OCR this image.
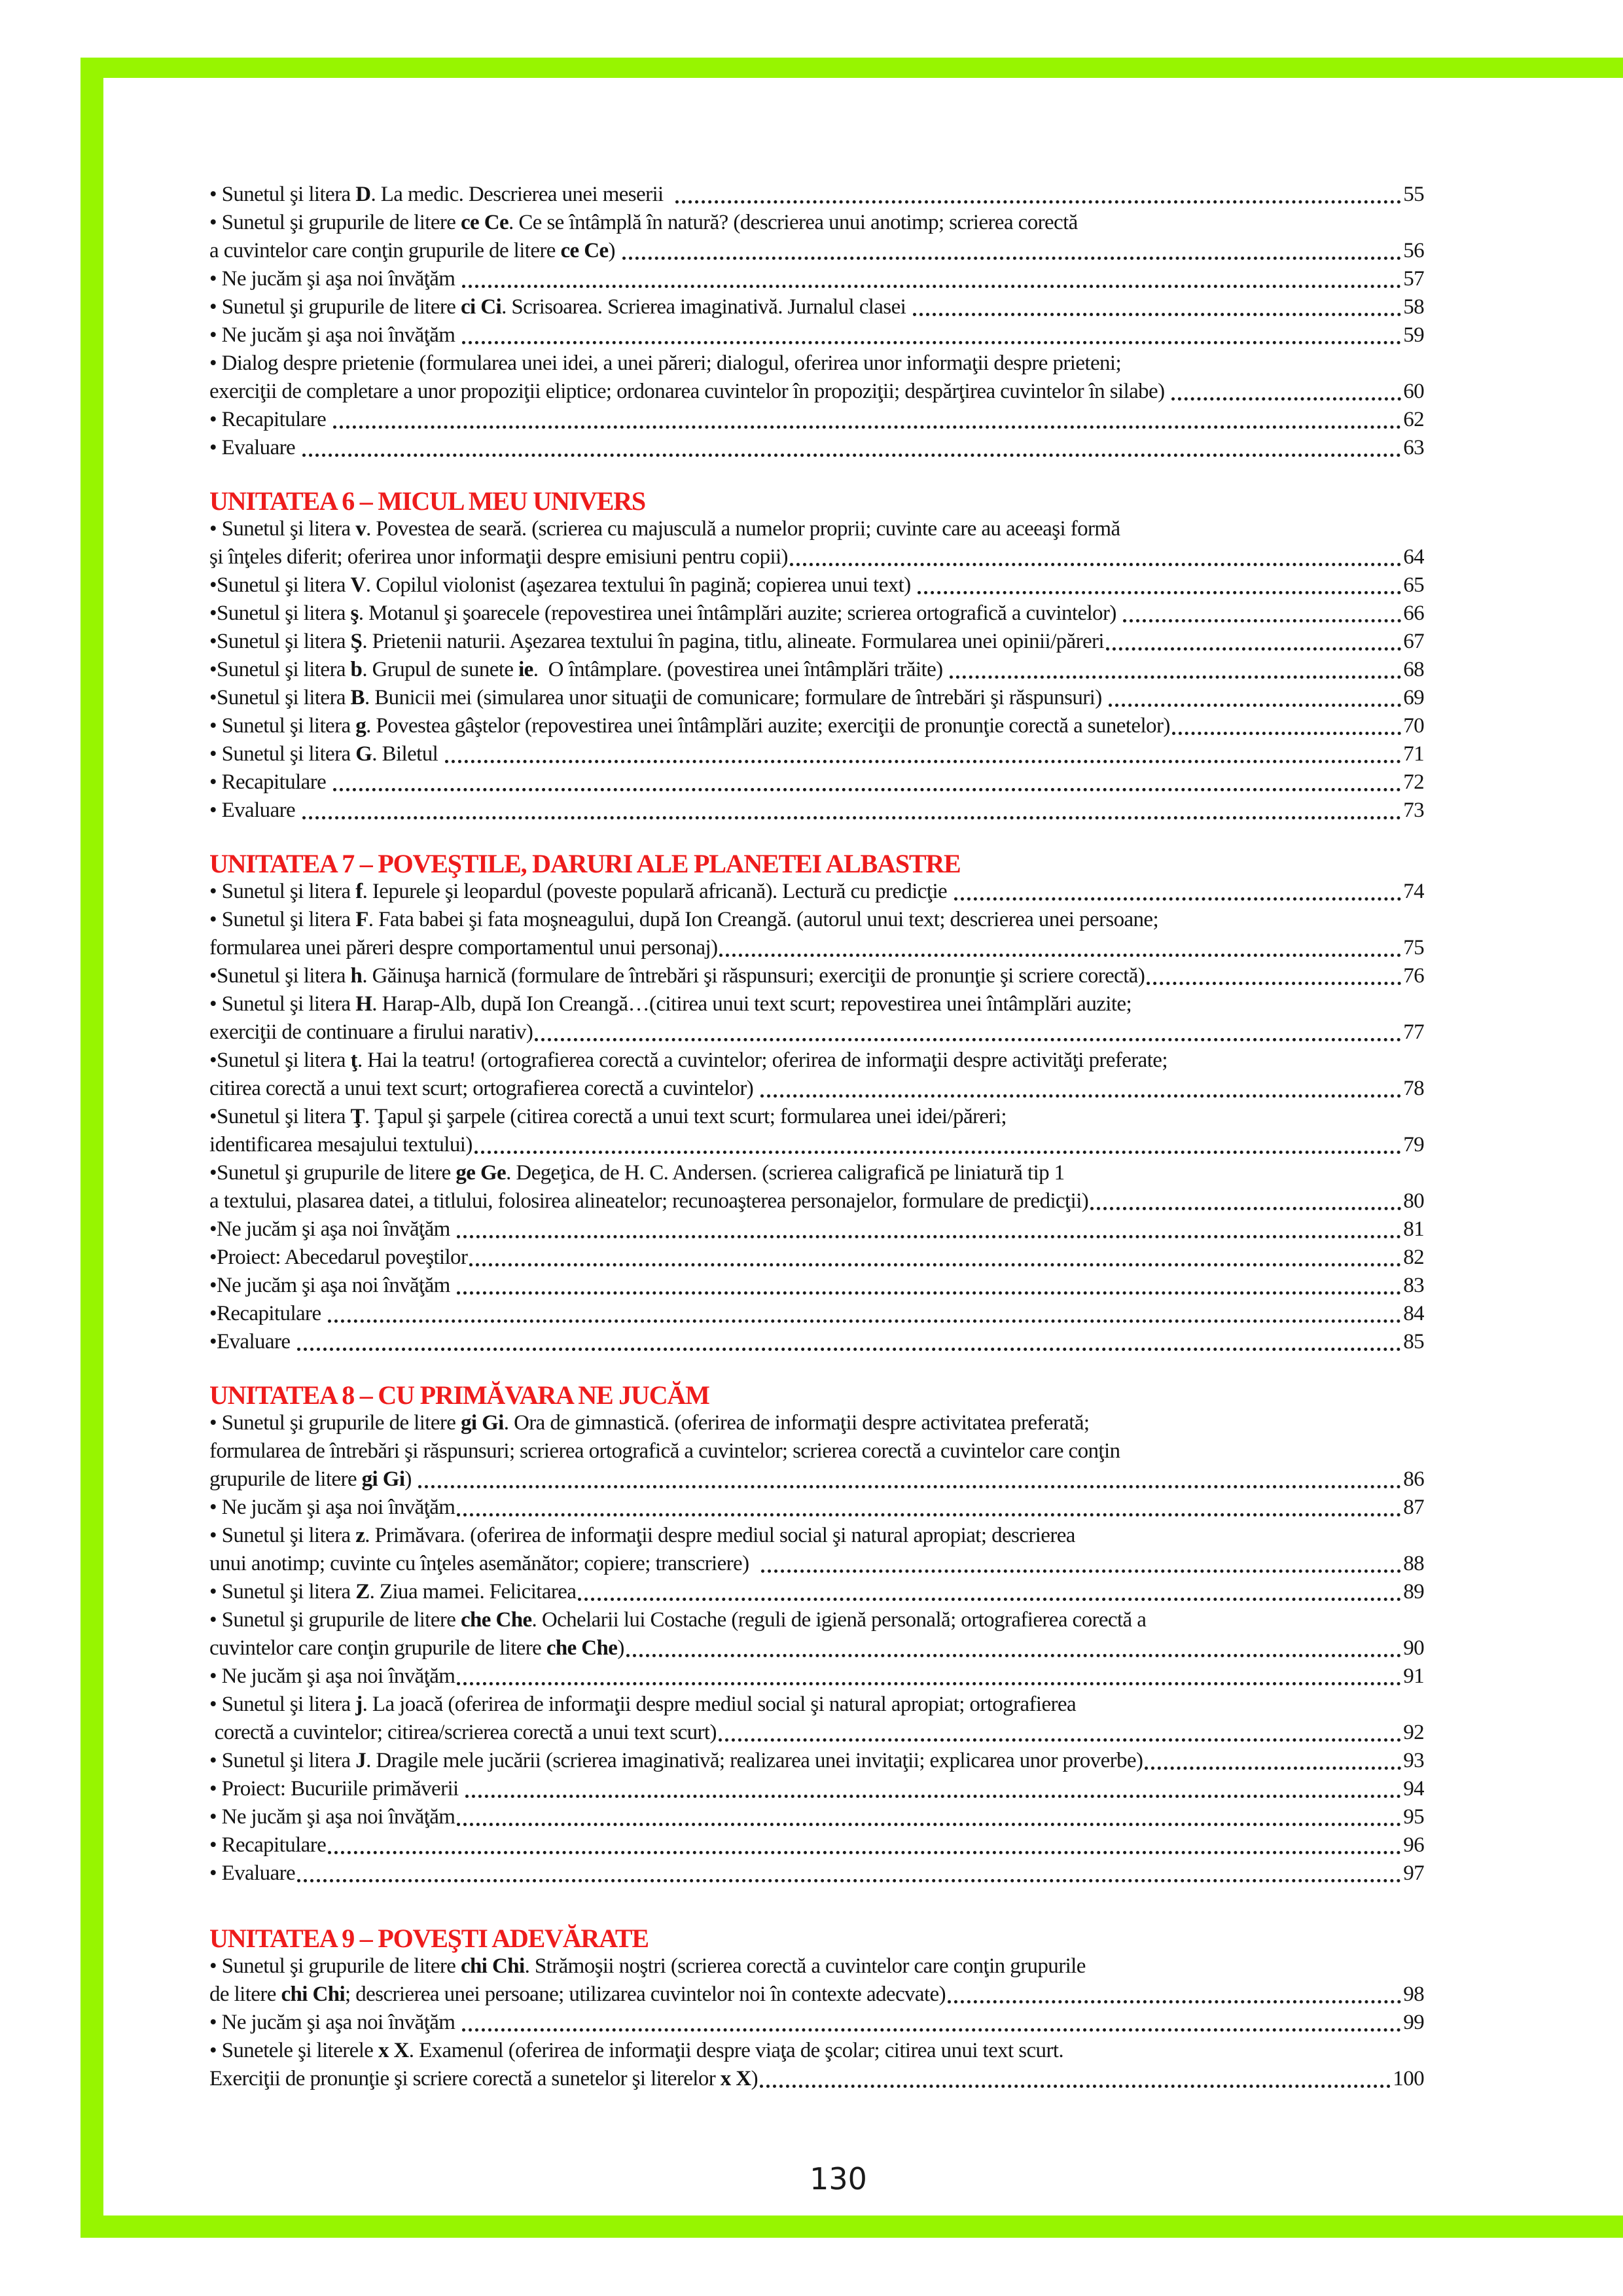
• Sunetul şi litera D. La medic. Descrierea unei meserii	55
• Sunetul şi grupurile de litere ce Ce. Ce se întâmplă în natură? (descrierea unui anotimp; scrierea corectă
a cuvintelor care conţin grupurile de litere ce Ce)	56
• Ne jucăm şi aşa noi învăţăm	57
• Sunetul şi grupurile de litere ci Ci. Scrisoarea. Scrierea imaginativă. Jurnalul clasei	58
• Ne jucăm şi aşa noi învăţăm	59
• Dialog despre prietenie (formularea unei idei, a unei păreri; dialogul, oferirea unor informaţii despre prieteni;
exerciţii de completare a unor propoziţii eliptice; ordonarea cuvintelor în propoziţii; despărţirea cuvintelor în silabe)	60
• Recapitulare	62
• Evaluare	63
UNITATEA 6 – MICUL MEU UNIVERS
• Sunetul şi litera v. Povestea de seară. (scrierea cu majusculă a numelor proprii; cuvinte care au aceeaşi formă
şi înţeles diferit; oferirea unor informaţii despre emisiuni pentru copii)	64
•Sunetul şi litera V. Copilul violonist (aşezarea textului în pagină; copierea unui text)	65
•Sunetul şi litera ş. Motanul şi şoarecele (repovestirea unei întâmplări auzite; scrierea ortografică a cuvintelor)	66
•Sunetul şi litera Ş. Prietenii naturii. Aşezarea textului în pagina, titlu, alineate. Formularea unei opinii/păreri	67
•Sunetul şi litera b. Grupul de sunete ie.  O întâmplare. (povestirea unei întâmplări trăite)	68
•Sunetul şi litera B. Bunicii mei (simularea unor situaţii de comunicare; formulare de întrebări şi răspunsuri)	69
• Sunetul şi litera g. Povestea gâştelor (repovestirea unei întâmplări auzite; exerciţii de pronunţie corectă a sunetelor)	70
• Sunetul şi litera G. Biletul	71
• Recapitulare	72
• Evaluare	73
UNITATEA 7 – POVEŞTILE, DARURI ALE PLANETEI ALBASTRE
• Sunetul şi litera f. Iepurele şi leopardul (poveste populară africană). Lectură cu predicţie	74
• Sunetul şi litera F. Fata babei şi fata moşneagului, după Ion Creangă. (autorul unui text; descrierea unei persoane;
formularea unei păreri despre comportamentul unui personaj)	75
•Sunetul şi litera h. Găinuşa harnică (formulare de întrebări şi răspunsuri; exerciţii de pronunţie şi scriere corectă)	76
• Sunetul şi litera H. Harap-Alb, după Ion Creangă…(citirea unui text scurt; repovestirea unei întâmplări auzite;
exerciţii de continuare a firului narativ)	77
•Sunetul şi litera ţ. Hai la teatru! (ortografierea corectă a cuvintelor; oferirea de informaţii despre activităţi preferate;
citirea corectă a unui text scurt; ortografierea corectă a cuvintelor)	78
•Sunetul şi litera Ţ. Ţapul şi şarpele (citirea corectă a unui text scurt; formularea unei idei/păreri;
identificarea mesajului textului)	79
•Sunetul şi grupurile de litere ge Ge. Degeţica, de H. C. Andersen. (scrierea caligrafică pe liniatură tip 1
a textului, plasarea datei, a titlului, folosirea alineatelor; recunoaşterea personajelor, formulare de predicţii)	80
•Ne jucăm şi aşa noi învăţăm	81
•Proiect: Abecedarul poveştilor	82
•Ne jucăm şi aşa noi învăţăm	83
•Recapitulare	84
•Evaluare	85
UNITATEA 8 – CU PRIMĂVARA NE JUCĂM
• Sunetul şi grupurile de litere gi Gi. Ora de gimnastică. (oferirea de informaţii despre activitatea preferată;
formularea de întrebări şi răspunsuri; scrierea ortografică a cuvintelor; scrierea corectă a cuvintelor care conţin
grupurile de litere gi Gi)	86
• Ne jucăm şi aşa noi învăţăm	87
• Sunetul şi litera z. Primăvara. (oferirea de informaţii despre mediul social şi natural apropiat; descrierea
unui anotimp; cuvinte cu înţeles asemănător; copiere; transcriere)	88
• Sunetul şi litera Z. Ziua mamei. Felicitarea	89
• Sunetul şi grupurile de litere che Che. Ochelarii lui Costache (reguli de igienă personală; ortografierea corectă a
cuvintelor care conţin grupurile de litere che Che)	90
• Ne jucăm şi aşa noi învăţăm	91
• Sunetul şi litera j. La joacă (oferirea de informaţii despre mediul social şi natural apropiat; ortografierea
corectă a cuvintelor; citirea/scrierea corectă a unui text scurt)	92
• Sunetul şi litera J. Dragile mele jucării (scrierea imaginativă; realizarea unei invitaţii; explicarea unor proverbe)	93
• Proiect: Bucuriile primăverii	94
• Ne jucăm şi aşa noi învăţăm	95
• Recapitulare	96
• Evaluare	97
UNITATEA 9 – POVEŞTI ADEVĂRATE
• Sunetul şi grupurile de litere chi Chi. Strămoşii noştri (scrierea corectă a cuvintelor care conţin grupurile
de litere chi Chi; descrierea unei persoane; utilizarea cuvintelor noi în contexte adecvate)	98
• Ne jucăm şi aşa noi învăţăm	99
• Sunetele şi literele x X. Examenul (oferirea de informaţii despre viaţa de şcolar; citirea unui text scurt.
Exerciţii de pronunţie şi scriere corectă a sunetelor şi literelor x X)	100
130
